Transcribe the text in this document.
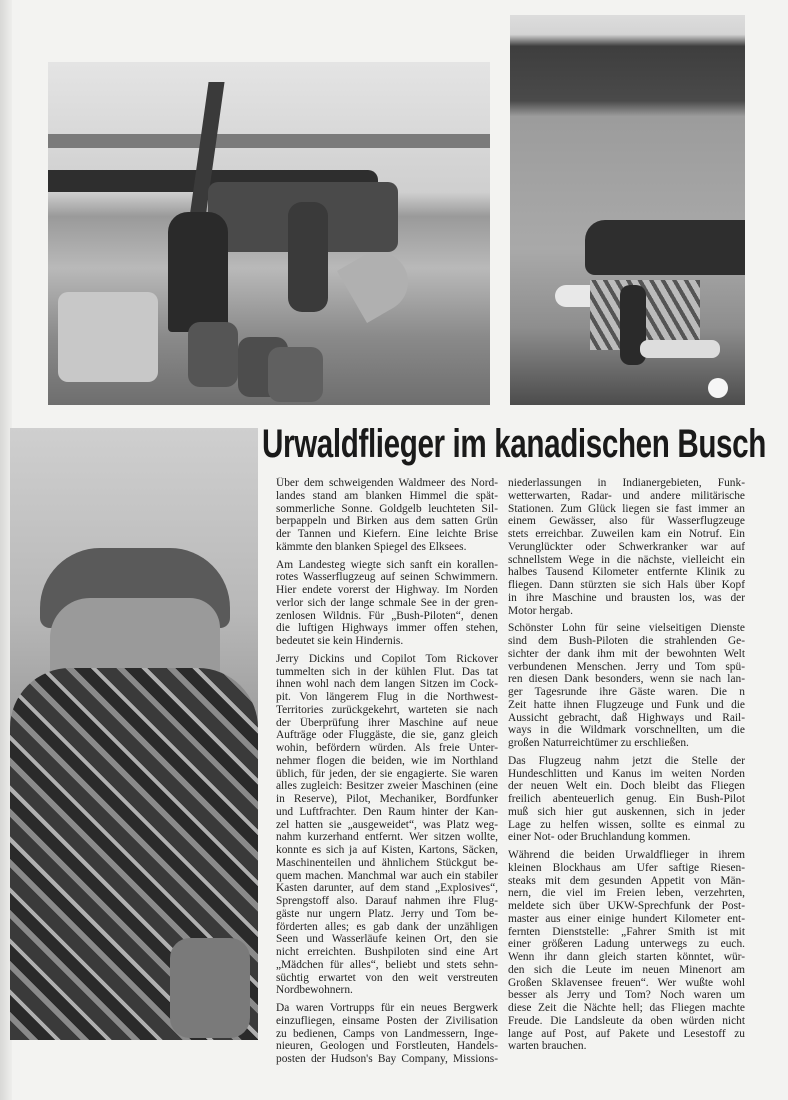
Urwaldflieger im kanadischen Busch
Über dem schweigenden Waldmeer des Nord-
landes stand am blanken Himmel die spät-
sommerliche Sonne. Goldgelb leuchteten Sil-
berpappeln und Birken aus dem satten Grün
der Tannen und Kiefern. Eine leichte Brise
kämmte den blanken Spiegel des Elksees.
Am Landesteg wiegte sich sanft ein korallen-
rotes Wasserflugzeug auf seinen Schwimmern.
Hier endete vorerst der Highway. Im Norden
verlor sich der lange schmale See in der gren-
zenlosen Wildnis. Für „Bush-Piloten“, denen
die luftigen Highways immer offen stehen,
bedeutet sie kein Hindernis.
Jerry Dickins und Copilot Tom Rickover
tummelten sich in der kühlen Flut. Das tat
ihnen wohl nach dem langen Sitzen im Cock-
pit. Von längerem Flug in die Northwest-
Territories zurückgekehrt, warteten sie nach
der Überprüfung ihrer Maschine auf neue
Aufträge oder Fluggäste, die sie, ganz gleich
wohin, befördern würden. Als freie Unter-
nehmer flogen die beiden, wie im Northland
üblich, für jeden, der sie engagierte. Sie waren
alles zugleich: Besitzer zweier Maschinen (eine
in Reserve), Pilot, Mechaniker, Bordfunker
und Luftfrachter. Den Raum hinter der Kan-
zel hatten sie „ausgeweidet“, was Platz weg-
nahm kurzerhand entfernt. Wer sitzen wollte,
konnte es sich ja auf Kisten, Kartons, Säcken,
Maschinenteilen und ähnlichem Stückgut be-
quem machen. Manchmal war auch ein stabiler
Kasten darunter, auf dem stand „Explosives“,
Sprengstoff also. Darauf nahmen ihre Flug-
gäste nur ungern Platz. Jerry und Tom be-
förderten alles; es gab dank der unzähligen
Seen und Wasserläufe keinen Ort, den sie
nicht erreichten. Bushpiloten sind eine Art
„Mädchen für alles“, beliebt und stets sehn-
süchtig erwartet von den weit verstreuten
Nordbewohnern.
Da waren Vortrupps für ein neues Bergwerk
einzufliegen, einsame Posten der Zivilisation
zu bedienen, Camps von Landmessern, Inge-
nieuren, Geologen und Forstleuten, Handels-
posten der Hudson's Bay Company, Missions-
niederlassungen in Indianergebieten, Funk-
wetterwarten, Radar- und andere militärische
Stationen. Zum Glück liegen sie fast immer an
einem Gewässer, also für Wasserflugzeuge
stets erreichbar. Zuweilen kam ein Notruf. Ein
Verunglückter oder Schwerkranker war auf
schnellstem Wege in die nächste, vielleicht ein
halbes Tausend Kilometer entfernte Klinik zu
fliegen. Dann stürzten sie sich Hals über Kopf
in ihre Maschine und brausten los, was der
Motor hergab.
Schönster Lohn für seine vielseitigen Dienste
sind dem Bush-Piloten die strahlenden Ge-
sichter der dank ihm mit der bewohnten Welt
verbundenen Menschen. Jerry und Tom spü-
ren diesen Dank besonders, wenn sie nach lan-
ger Tagesrunde ihre Gäste waren. Die n
Zeit hatte ihnen Flugzeuge und Funk und die
Aussicht gebracht, daß Highways und Rail-
ways in die Wildmark vorschnellten, um die
großen Naturreichtümer zu erschließen.
Das Flugzeug nahm jetzt die Stelle der
Hundeschlitten und Kanus im weiten Norden
der neuen Welt ein. Doch bleibt das Fliegen
freilich abenteuerlich genug. Ein Bush-Pilot
muß sich hier gut auskennen, sich in jeder
Lage zu helfen wissen, sollte es einmal zu
einer Not- oder Bruchlandung kommen.
Während die beiden Urwaldflieger in ihrem
kleinen Blockhaus am Ufer saftige Riesen-
steaks mit dem gesunden Appetit von Män-
nern, die viel im Freien leben, verzehrten,
meldete sich über UKW-Sprechfunk der Post-
master aus einer einige hundert Kilometer ent-
fernten Dienststelle: „Fahrer Smith ist mit
einer größeren Ladung unterwegs zu euch.
Wenn ihr dann gleich starten könntet, wür-
den sich die Leute im neuen Minenort am
Großen Sklavensee freuen“. Wer wußte wohl
besser als Jerry und Tom? Noch waren um
diese Zeit die Nächte hell; das Fliegen machte
Freude. Die Landsleute da oben würden nicht
lange auf Post, auf Pakete und Lesestoff zu
warten brauchen.
